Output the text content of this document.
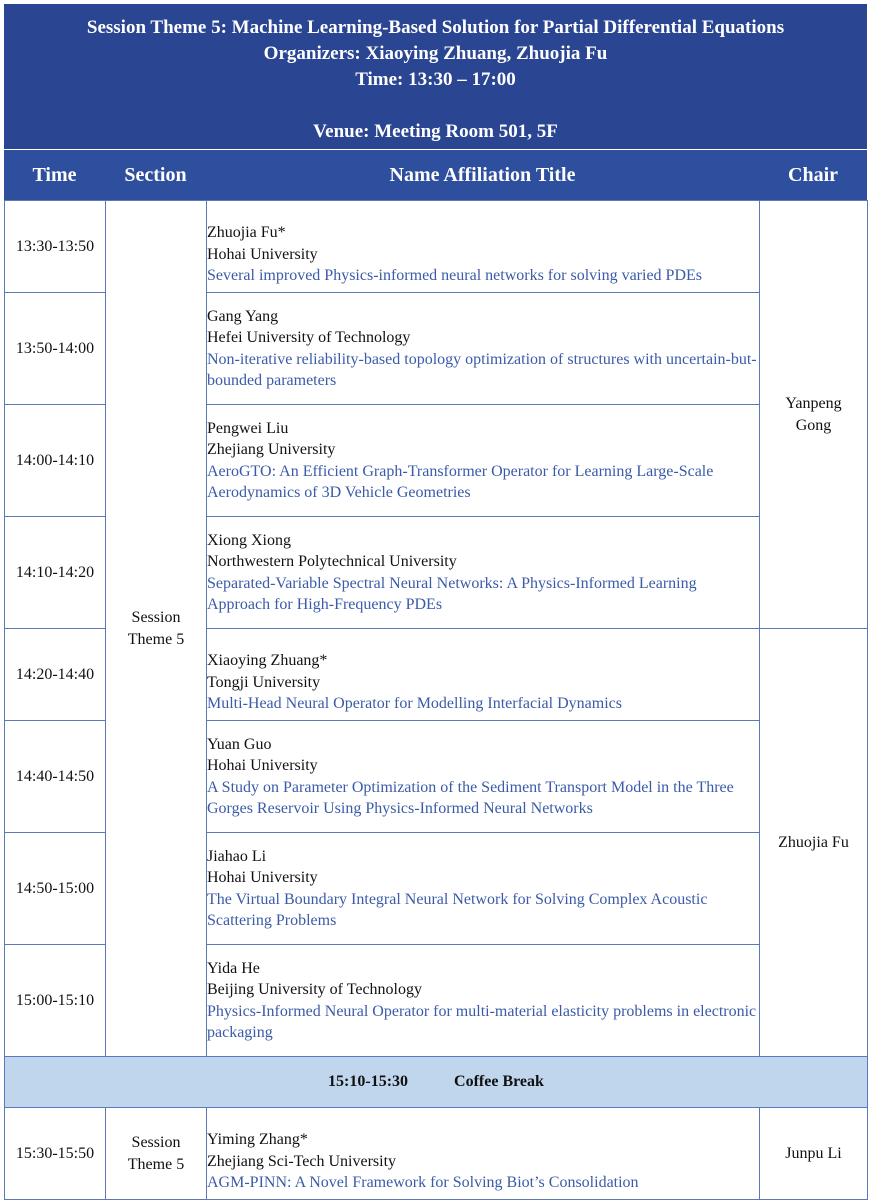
Session Theme 5: Machine Learning-Based Solution for Partial Differential Equations
Organizers: Xiaoying Zhuang, Zhuojia Fu
Time: 13:30 – 17:00
Venue: Meeting Room 501, 5F
Time	Section	Name Affiliation Title	Chair
13:30-13:50	Session Theme 5	Zhuojia Fu*
Hohai University
Several improved Physics-informed neural networks for solving varied PDEs	Yanpeng Gong

13:50-14:00		Gang Yang
Hefei University of Technology
Non-iterative reliability-based topology optimization of structures with uncertain-but-bounded parameters	

14:00-14:10		Pengwei Liu
Zhejiang University
AeroGTO: An Efficient Graph-Transformer Operator for Learning Large-Scale Aerodynamics of 3D Vehicle Geometries	

14:10-14:20		Xiong Xiong
Northwestern Polytechnical University
Separated-Variable Spectral Neural Networks: A Physics-Informed Learning Approach for High-Frequency PDEs	

14:20-14:40		Xiaoying Zhuang*
Tongji University
Multi-Head Neural Operator for Modelling Interfacial Dynamics	Zhuojia Fu

14:40-14:50		Yuan Guo
Hohai University
A Study on Parameter Optimization of the Sediment Transport Model in the Three Gorges Reservoir Using Physics-Informed Neural Networks	

14:50-15:00		Jiahao Li
Hohai University
The Virtual Boundary Integral Neural Network for Solving Complex Acoustic Scattering Problems	

15:00-15:10		Yida He
Beijing University of Technology
Physics-Informed Neural Operator for multi-material elasticity problems in electronic packaging	

15:10-15:30 Coffee Break			
15:30-15:50	Session Theme 5	Yiming Zhang*
Zhejiang Sci-Tech University
AGM-PINN: A Novel Framework for Solving Biot’s Consolidation	Junpu Li
